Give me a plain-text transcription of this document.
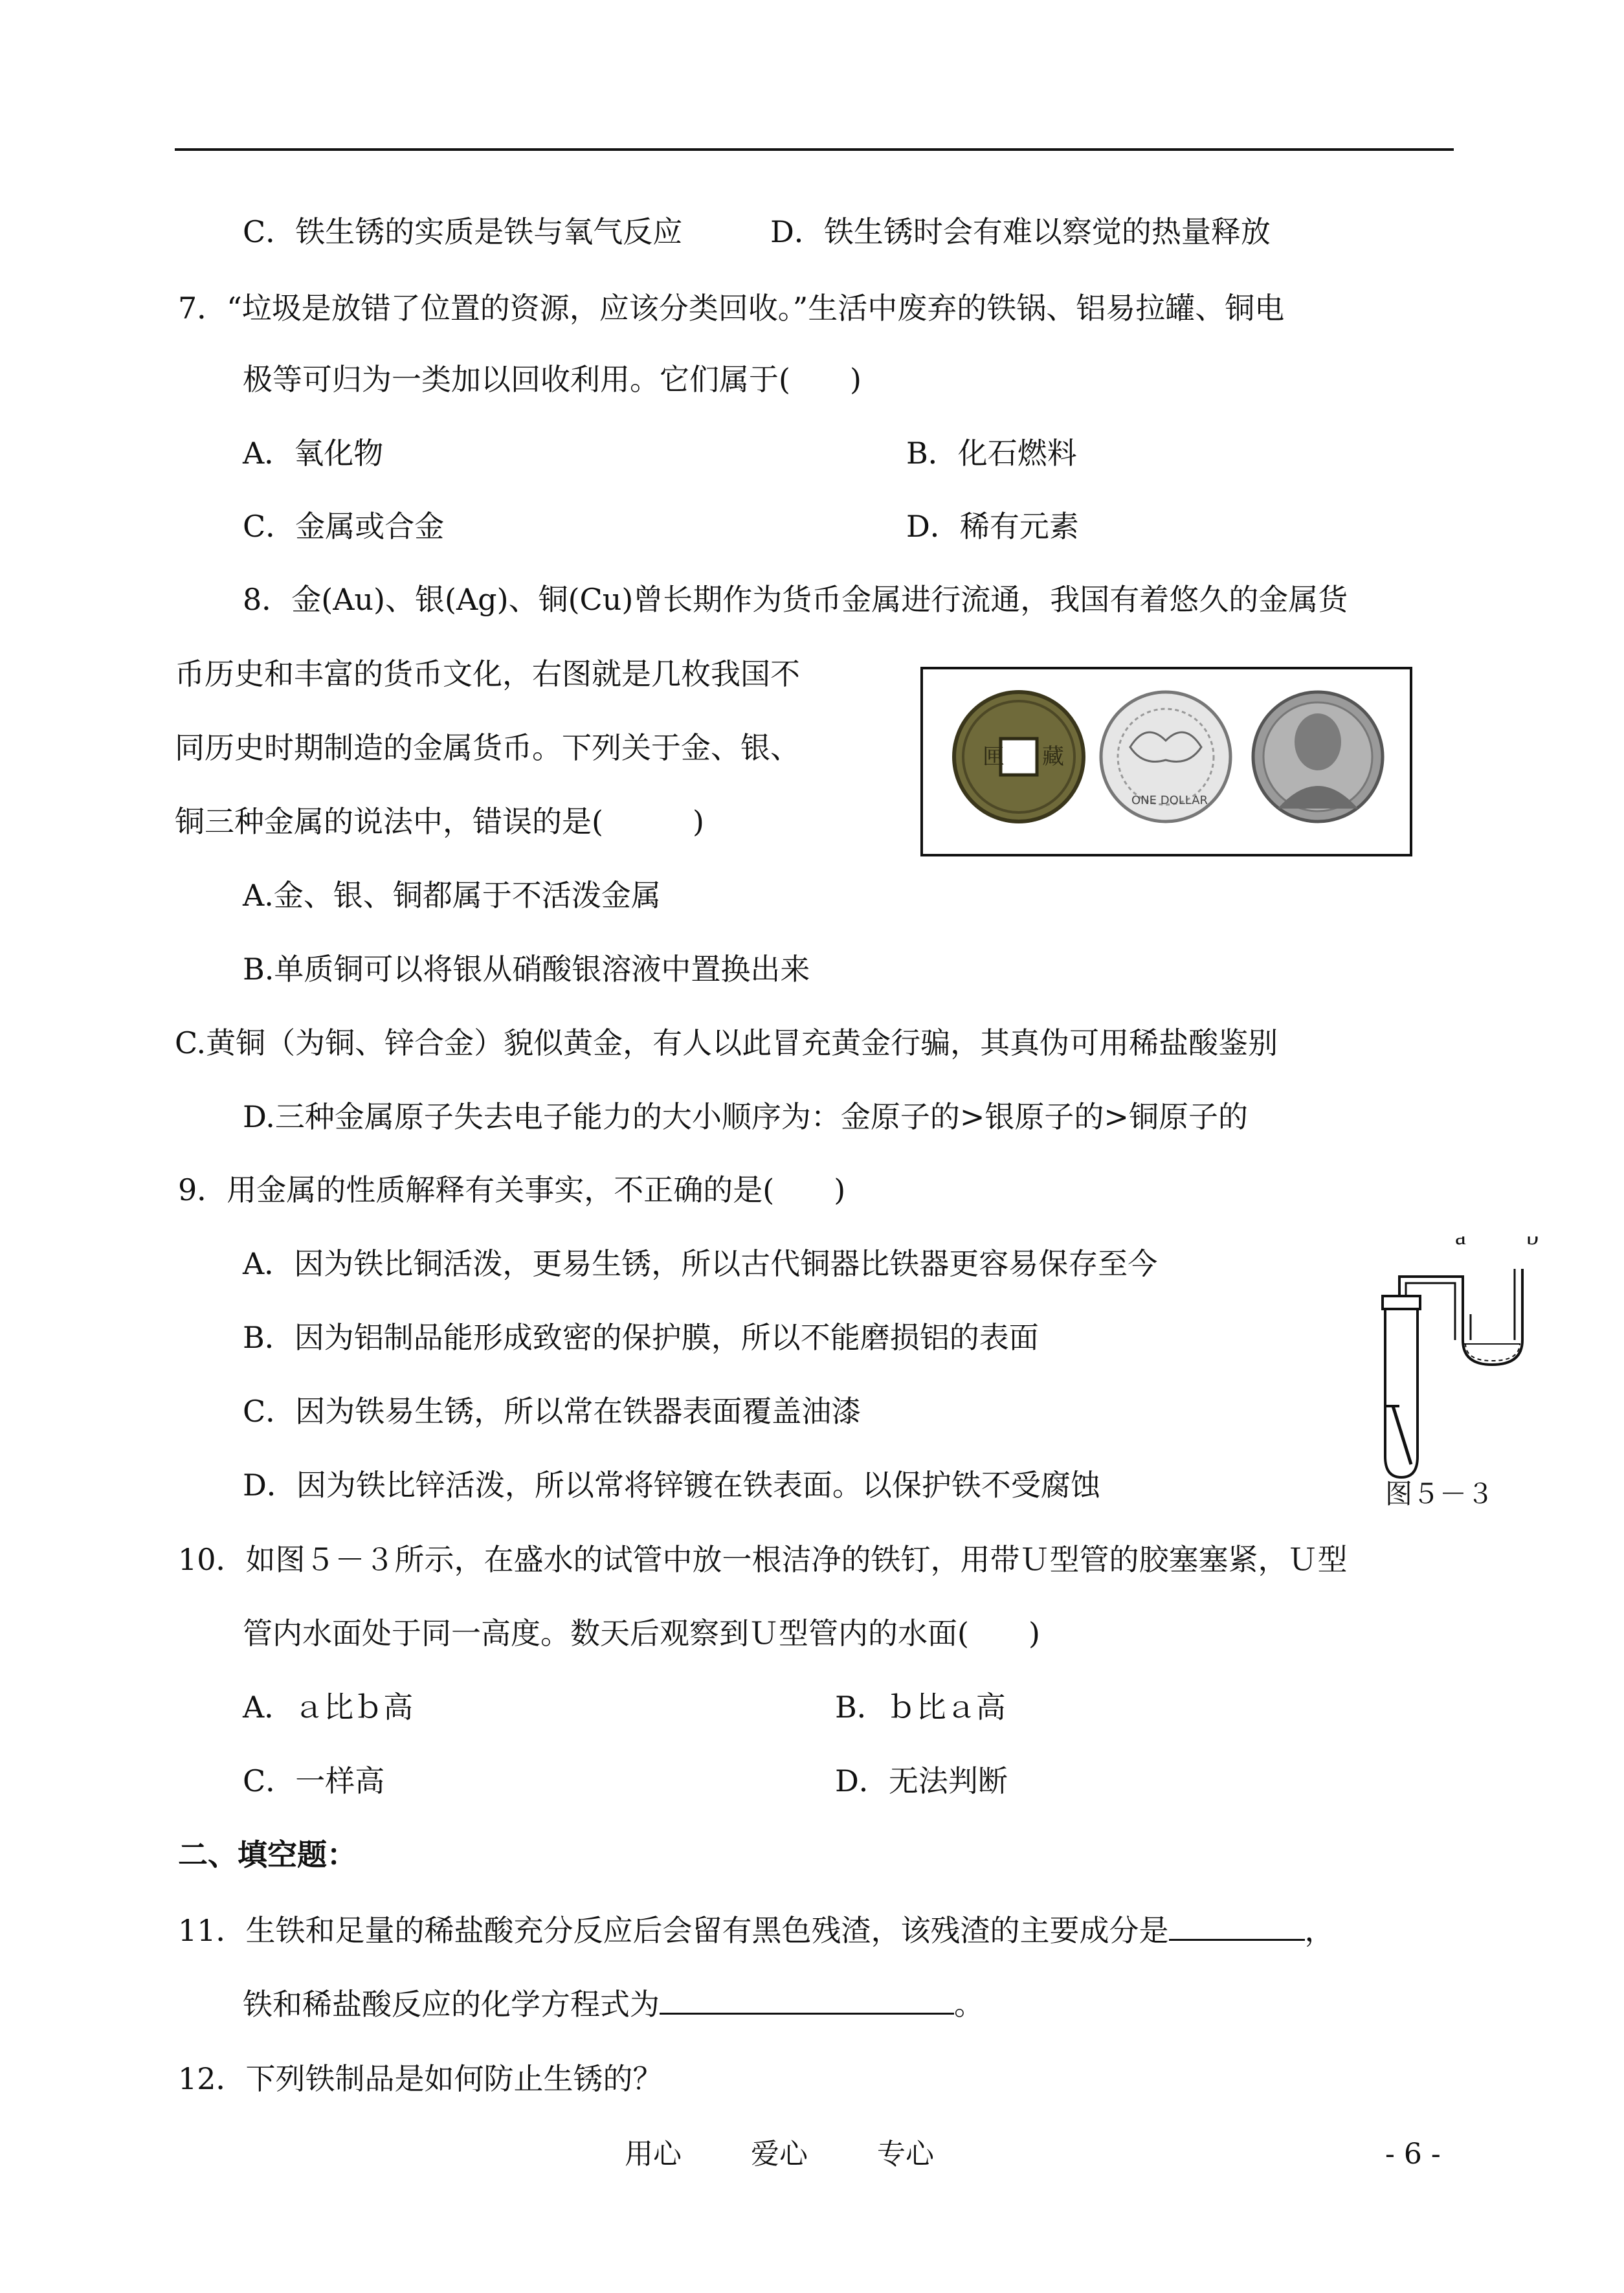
C．铁生锈的实质是铁与氧气反应	D．铁生锈时会有难以察觉的热量释放
7．“垃圾是放错了位置的资源，应该分类回收。”生活中废弃的铁锅、铝易拉罐、铜电
极等可归为一类加以回收利用。它们属于(　　)
A．氧化物	B．化石燃料
C．金属或合金	D．稀有元素
8．金(Au)、银(Ag)、铜(Cu)曾长期作为货币金属进行流通，我国有着悠久的金属货
币历史和丰富的货币文化，右图就是几枚我国不
同历史时期制造的金属货币。下列关于金、银、
铜三种金属的说法中，错误的是(　　　)
匣 藏
ONE DOLLAR
A.金、银、铜都属于不活泼金属
B.单质铜可以将银从硝酸银溶液中置换出来
C.黄铜（为铜、锌合金）貌似黄金，有人以此冒充黄金行骗，其真伪可用稀盐酸鉴别
D.三种金属原子失去电子能力的大小顺序为：金原子的>银原子的>铜原子的
9．用金属的性质解释有关事实，不正确的是(　　)
A．因为铁比铜活泼，更易生锈，所以古代铜器比铁器更容易保存至今
B．因为铝制品能形成致密的保护膜，所以不能磨损铝的表面
C．因为铁易生锈，所以常在铁器表面覆盖油漆
D．因为铁比锌活泼，所以常将锌镀在铁表面。以保护铁不受腐蚀
a b
图５－３
10．如图５－３所示，在盛水的试管中放一根洁净的铁钉，用带Ｕ型管的胶塞塞紧，Ｕ型
管内水面处于同一高度。数天后观察到Ｕ型管内的水面(　　)
A．ａ比ｂ高	B．ｂ比ａ高
C．一样高	D．无法判断
二、填空题：
11．生铁和足量的稀盐酸充分反应后会留有黑色残渣，该残渣的主要成分是	，
铁和稀盐酸反应的化学方程式为	。
12．下列铁制品是如何防止生锈的？
用心 爱心 专心	- 6 -
